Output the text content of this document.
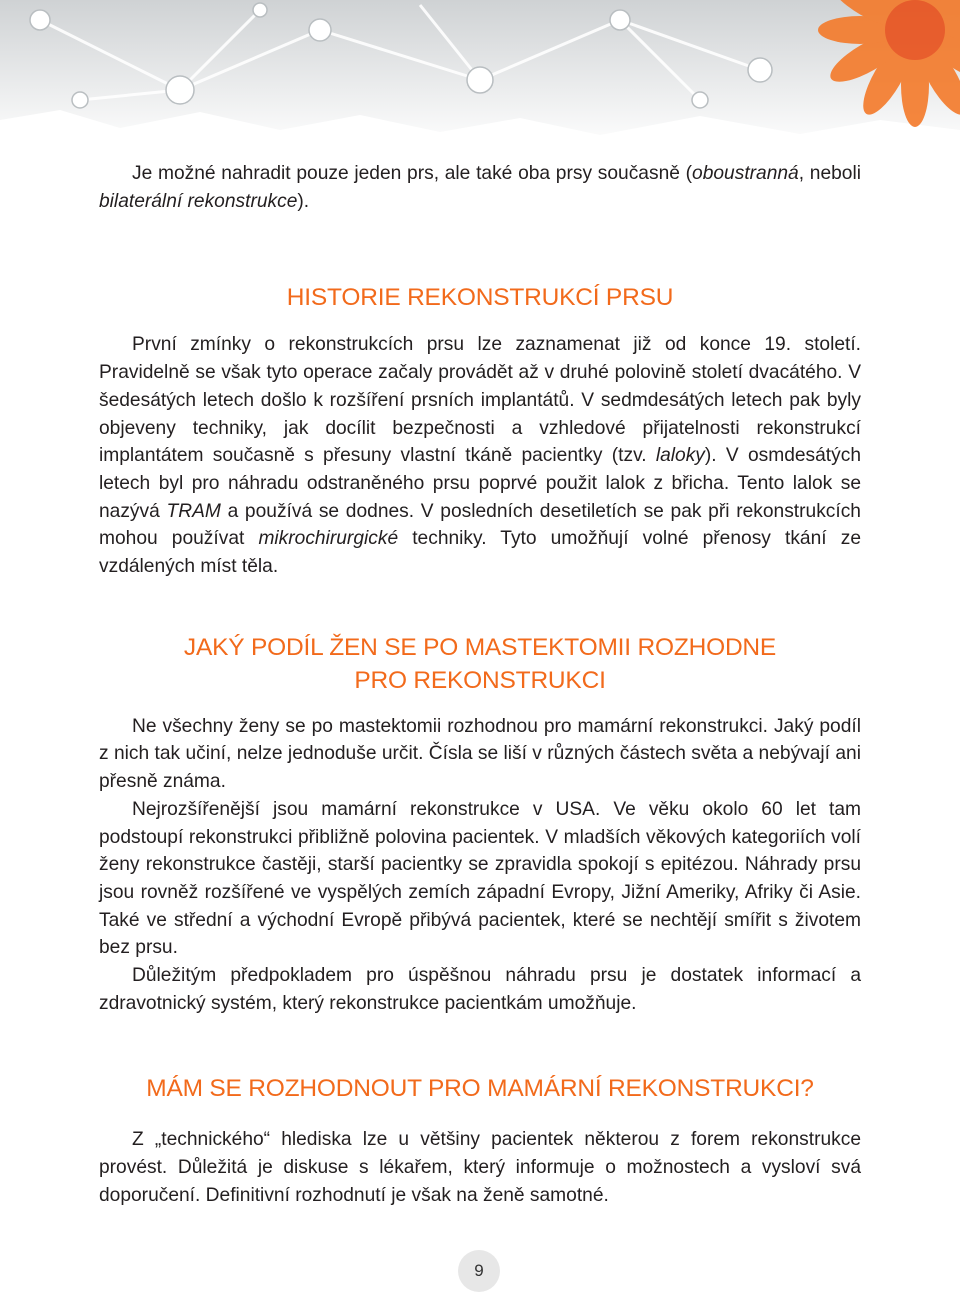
Je možné nahradit pouze jeden prs, ale také oba prsy současně (oboustranná, neboli bilaterální rekonstrukce).

HISTORIE REKONSTRUKCÍ PRSU

První zmínky o rekonstrukcích prsu lze zaznamenat již od konce 19. století. Pravidelně se však tyto operace začaly provádět až v druhé polovině století dvacátého. V šedesátých letech došlo k rozšíření prsních implantátů. V sedmdesátých letech pak byly objeveny techniky, jak docílit bezpečnosti a vzhledové přijatelnosti rekonstrukcí implantátem současně s přesuny vlastní tkáně pacientky (tzv. laloky). V osmdesátých letech byl pro náhradu odstraněného prsu poprvé použit lalok z břicha. Tento lalok se nazývá TRAM a používá se dodnes. V posledních desetiletích se pak při rekonstrukcích mohou používat mikrochirurgické techniky. Tyto umožňují volné přenosy tkání ze vzdálených míst těla.

JAKÝ PODÍL ŽEN SE PO MASTEKTOMII ROZHODNE
PRO REKONSTRUKCI

Ne všechny ženy se po mastektomii rozhodnou pro mamární rekonstrukci. Jaký podíl z nich tak učiní, nelze jednoduše určit. Čísla se liší v různých částech světa a nebývají ani přesně známa.

Nejrozšířenější jsou mamární rekonstrukce v USA. Ve věku okolo 60 let tam podstoupí rekonstrukci přibližně polovina pacientek. V mladších věkových kategoriích volí ženy rekonstrukce častěji, starší pacientky se zpravidla spokojí s epitézou. Náhrady prsu jsou rovněž rozšířené ve vyspělých zemích západní Evropy, Jižní Ameriky, Afriky či Asie. Také ve střední a východní Evropě přibývá pacientek, které se nechtějí smířit s životem bez prsu.

Důležitým předpokladem pro úspěšnou náhradu prsu je dostatek informací a zdravotnický systém, který rekonstrukce pacientkám umožňuje.

MÁM SE ROZHODNOUT PRO MAMÁRNÍ REKONSTRUKCI?

Z „technického“ hlediska lze u většiny pacientek některou z forem rekonstrukce provést. Důležitá je diskuse s lékařem, který informuje o možnostech a vysloví svá doporučení. Definitivní rozhodnutí je však na ženě samotné.

9
